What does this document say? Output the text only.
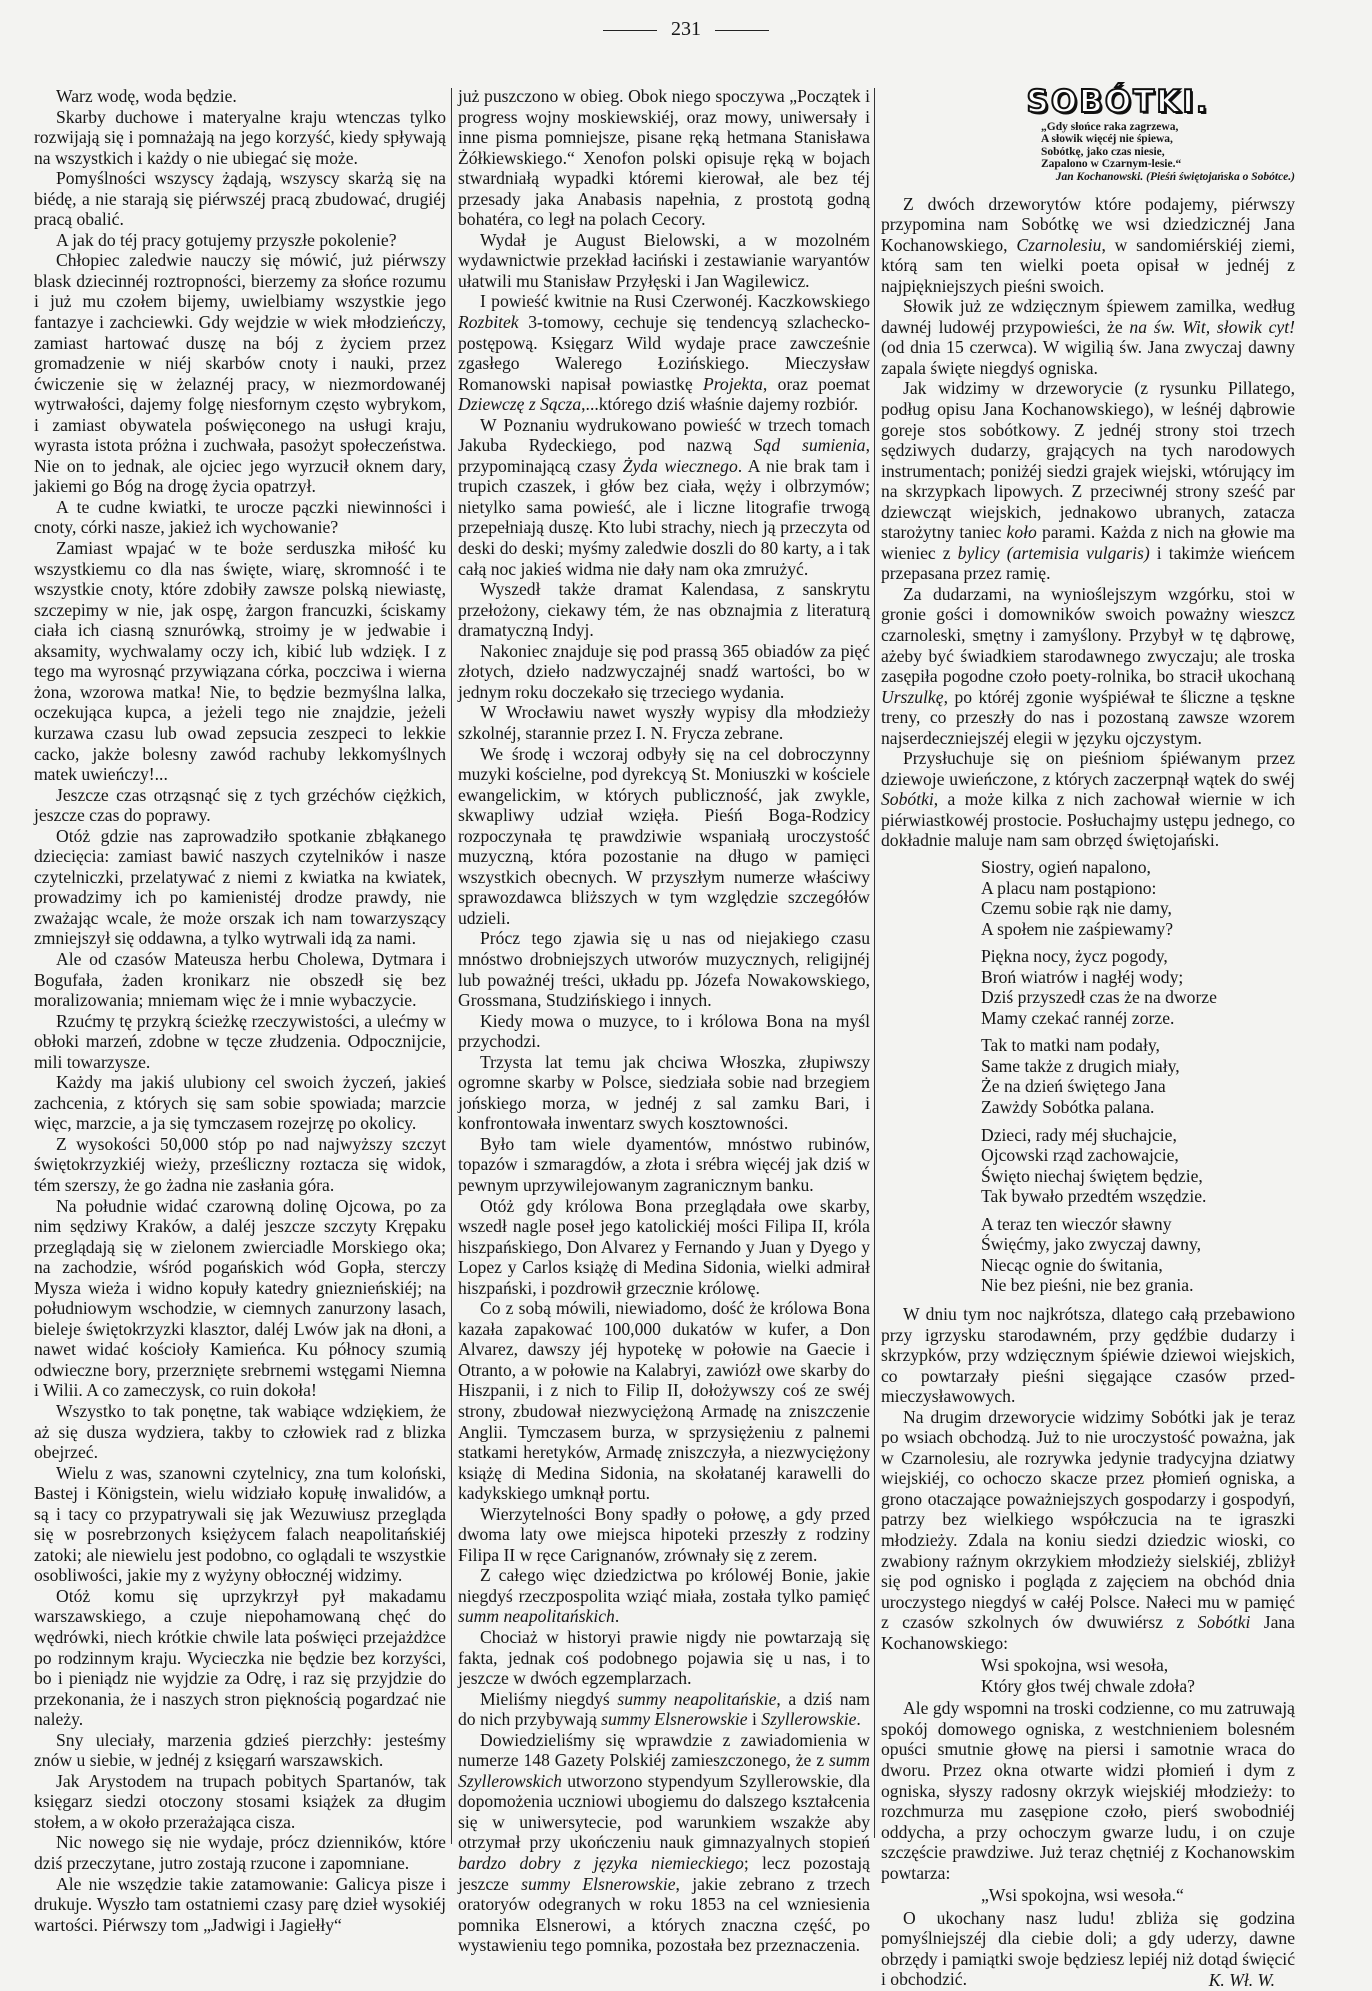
231

Warz wodę, woda będzie.

Skarby duchowe i materyalne kraju wtenczas tylko rozwijają się i pomnażają na jego korzyść, kiedy spływają na wszystkich i każdy o nie ubiegać się może.

Pomyślności wszyscy żądają, wszyscy skarżą się na biédę, a nie starają się piérwszéj pracą zbudować, drugiéj pracą obalić.

A jak do téj pracy gotujemy przyszłe pokolenie?

Chłopiec zaledwie nauczy się mówić, już piérwszy blask dziecinnéj roztropności, bierzemy za słońce rozumu i już mu czołem bijemy, uwielbiamy wszystkie jego fantazye i zachciewki. Gdy wejdzie w wiek młodzieńczy, zamiast hartować duszę na bój z życiem przez gromadzenie w niéj skarbów cnoty i nauki, przez ćwiczenie się w żelaznéj pracy, w niezmordowanéj wytrwałości, dajemy folgę niesfornym często wybrykom, i zamiast obywatela poświęconego na usługi kraju, wyrasta istota próżna i zuchwała, pasożyt społeczeństwa. Nie on to jednak, ale ojciec jego wyrzucił oknem dary, jakiemi go Bóg na drogę życia opatrzył.

A te cudne kwiatki, te urocze pączki niewinności i cnoty, córki nasze, jakież ich wychowanie?

Zamiast wpajać w te boże serduszka miłość ku wszystkiemu co dla nas święte, wiarę, skromność i te wszystkie cnoty, które zdobiły zawsze polską niewiastę, szczepimy w nie, jak ospę, żargon francuzki, ściskamy ciała ich ciasną sznurówką, stroimy je w jedwabie i aksamity, wychwalamy oczy ich, kibić lub wdzięk. I z tego ma wyrosnąć przywiązana córka, poczciwa i wierna żona, wzorowa matka! Nie, to będzie bezmyślna lalka, oczekująca kupca, a jeżeli tego nie znajdzie, jeżeli kurzawa czasu lub owad zepsucia zeszpeci to lekkie cacko, jakże bolesny zawód rachuby lekkomyślnych matek uwieńczy!...

Jeszcze czas otrząsnąć się z tych grzéchów ciężkich, jeszcze czas do poprawy.

Otóż gdzie nas zaprowadziło spotkanie zbłąkanego dziecięcia: zamiast bawić naszych czytelników i nasze czytelniczki, przelatywać z niemi z kwiatka na kwiatek, prowadzimy ich po kamienistéj drodze prawdy, nie zważając wcale, że może orszak ich nam towarzyszący zmniejszył się oddawna, a tylko wytrwali idą za nami.

Ale od czasów Mateusza herbu Cholewa, Dytmara i Bogufała, żaden kronikarz nie obszedł się bez moralizowania; mniemam więc że i mnie wybaczycie.

Rzućmy tę przykrą ścieżkę rzeczywistości, a ulećmy w obłoki marzeń, zdobne w tęcze złudzenia. Odpocznijcie, mili towarzysze.

Każdy ma jakiś ulubiony cel swoich życzeń, jakieś zachcenia, z których się sam sobie spowiada; marzcie więc, marzcie, a ja się tymczasem rozejrzę po okolicy.

Z wysokości 50,000 stóp po nad najwyższy szczyt świętokrzyzkiéj wieży, prześliczny roztacza się widok, tém szerszy, że go żadna nie zasłania góra.

Na południe widać czarowną dolinę Ojcowa, po za nim sędziwy Kraków, a daléj jeszcze szczyty Krępaku przeglądają się w zielonem zwierciadle Morskiego oka; na zachodzie, wśród pogańskich wód Gopła, sterczy Mysza wieża i widno kopuły katedry gnieznieńskiéj; na południowym wschodzie, w ciemnych zanurzony lasach, bieleje świętokrzyzki klasztor, daléj Lwów jak na dłoni, a nawet widać kościoły Kamieńca. Ku północy szumią odwieczne bory, przerznięte srebrnemi wstęgami Niemna i Wilii. A co zameczysk, co ruin dokoła!

Wszystko to tak ponętne, tak wabiące wdziękiem, że aż się dusza wydziera, takby to człowiek rad z blizka obejrzeć.

Wielu z was, szanowni czytelnicy, zna tum koloński, Bastej i Königstein, wielu widziało kopułę inwalidów, a są i tacy co przypatrywali się jak Wezuwiusz przegląda się w posrebrzonych księżycem falach neapolitańskiéj zatoki; ale niewielu jest podobno, co oglądali te wszystkie osobliwości, jakie my z wyżyny obłocznéj widzimy.

Otóż komu się uprzykrzył pył makadamu warszawskiego, a czuje niepohamowaną chęć do wędrówki, niech krótkie chwile lata poświęci przejażdżce po rodzinnym kraju. Wycieczka nie będzie bez korzyści, bo i pieniądz nie wyjdzie za Odrę, i raz się przyjdzie do przekonania, że i naszych stron pięknością pogardzać nie należy.

Sny uleciały, marzenia gdzieś pierzchły: jesteśmy znów u siebie, w jednéj z księgarń warszawskich.

Jak Arystodem na trupach pobitych Spartanów, tak księgarz siedzi otoczony stosami książek za długim stołem, a w około przerażająca cisza.

Nic nowego się nie wydaje, prócz dzienników, które dziś przeczytane, jutro zostają rzucone i zapomniane.

Ale nie wszędzie takie zatamowanie: Galicya pisze i drukuje. Wyszło tam ostatniemi czasy parę dzieł wysokiéj wartości. Piérwszy tom „Jadwigi i Jagiełły“

już puszczono w obieg. Obok niego spoczywa „Początek i progress wojny moskiewskiéj, oraz mowy, uniwersały i inne pisma pomniejsze, pisane ręką hetmana Stanisława Żółkiewskiego.“ Xenofon polski opisuje ręką w bojach stwardniałą wypadki któremi kierował, ale bez téj przesady jaka Anabasis napełnia, z prostotą godną bohatéra, co legł na polach Cecory.

Wydał je August Bielowski, a w mozolném wydawnictwie przekład łaciński i zestawianie waryantów ułatwili mu Stanisław Przyłęski i Jan Wagilewicz.

I powieść kwitnie na Rusi Czerwonéj. Kaczkowskiego Rozbitek 3-tomowy, cechuje się tendencyą szlachecko-postępową. Księgarz Wild wydaje prace zawcześnie zgasłego Walerego Łozińskiego. Mieczysław Romanowski napisał powiastkę Projekta, oraz poemat Dziewczę z Sącza,...którego dziś właśnie dajemy rozbiór.

W Poznaniu wydrukowano powieść w trzech tomach Jakuba Rydeckiego, pod nazwą Sąd sumienia, przypominającą czasy Żyda wiecznego. A nie brak tam i trupich czaszek, i głów bez ciała, węży i olbrzymów; nietylko sama powieść, ale i liczne litografie trwogą przepełniają duszę. Kto lubi strachy, niech ją przeczyta od deski do deski; myśmy zaledwie doszli do 80 karty, a i tak całą noc jakieś widma nie dały nam oka zmrużyć.

Wyszedł także dramat Kalendasa, z sanskrytu przełożony, ciekawy tém, że nas obznajmia z literaturą dramatyczną Indyj.

Nakoniec znajduje się pod prassą 365 obiadów za pięć złotych, dzieło nadzwyczajnéj snadź wartości, bo w jednym roku doczekało się trzeciego wydania.

W Wrocławiu nawet wyszły wypisy dla młodzieży szkolnéj, starannie przez I. N. Frycza zebrane.

We środę i wczoraj odbyły się na cel dobroczynny muzyki kościelne, pod dyrekcyą St. Moniuszki w kościele ewangelickim, w których publiczność, jak zwykle, skwapliwy udział wzięła. Pieśń Boga-Rodzicy rozpoczynała tę prawdziwie wspaniałą uroczystość muzyczną, która pozostanie na długo w pamięci wszystkich obecnych. W przyszłym numerze właściwy sprawozdawca bliższych w tym względzie szczegółów udzieli.

Prócz tego zjawia się u nas od niejakiego czasu mnóstwo drobniejszych utworów muzycznych, religijnéj lub poważnéj treści, układu pp. Józefa Nowakowskiego, Grossmana, Studzińskiego i innych.

Kiedy mowa o muzyce, to i królowa Bona na myśl przychodzi.

Trzysta lat temu jak chciwa Włoszka, złupiwszy ogromne skarby w Polsce, siedziała sobie nad brzegiem jońskiego morza, w jednéj z sal zamku Bari, i konfrontowała inwentarz swych kosztowności.

Było tam wiele dyamentów, mnóstwo rubinów, topazów i szmaragdów, a złota i srébra więcéj jak dziś w pewnym uprzywilejowanym zagranicznym banku.

Otóż gdy królowa Bona przeglądała owe skarby, wszedł nagle poseł jego katolickiéj mości Filipa II, króla hiszpańskiego, Don Alvarez y Fernando y Juan y Dyego y Lopez y Carlos książę di Medina Sidonia, wielki admirał hiszpański, i pozdrowił grzecznie królowę.

Co z sobą mówili, niewiadomo, dość że królowa Bona kazała zapakować 100,000 dukatów w kufer, a Don Alvarez, dawszy jéj hypotekę w połowie na Gaecie i Otranto, a w połowie na Kalabryi, zawiózł owe skarby do Hiszpanii, i z nich to Filip II, dołożywszy coś ze swéj strony, zbudował niezwyciężoną Armadę na zniszczenie Anglii. Tymczasem burza, w sprzysiężeniu z palnemi statkami heretyków, Armadę zniszczyła, a niezwyciężony książę di Medina Sidonia, na skołatanéj karawelli do kadykskiego umknął portu.

Wierzytelności Bony spadły o połowę, a gdy przed dwoma laty owe miejsca hipoteki przeszły z rodziny Filipa II w ręce Carignanów, zrównały się z zerem.

Z całego więc dziedzictwa po królowéj Bonie, jakie niegdyś rzeczpospolita wziąć miała, została tylko pamięć summ neapolitańskich.

Chociaż w historyi prawie nigdy nie powtarzają się fakta, jednak coś podobnego pojawia się u nas, i to jeszcze w dwóch egzemplarzach.

Mieliśmy niegdyś summy neapolitańskie, a dziś nam do nich przybywają summy Elsnerowskie i Szyllerowskie.

Dowiedzieliśmy się wprawdzie z zawiadomienia w numerze 148 Gazety Polskiéj zamieszczonego, że z summ Szyllerowskich utworzono stypendyum Szyllerowskie, dla dopomożenia uczniowi ubogiemu do dalszego kształcenia się w uniwersytecie, pod warunkiem wszakże aby otrzymał przy ukończeniu nauk gimnazyalnych stopień bardzo dobry z języka niemieckiego; lecz pozostają jeszcze summy Elsnerowskie, jakie zebrano z trzech oratoryów odegranych w roku 1853 na cel wzniesienia pomnika Elsnerowi, a których znaczna część, po wystawieniu tego pomnika, pozostała bez przeznaczenia.

SOBÓTKI.
„Gdy słońce raka zagrzewa,
A słowik więcéj nie śpiewa,
Sobótkę, jako czas niesie,
Zapalono w Czarnym-lesie.“
Jan Kochanowski. (Pieśń świętojańska o Sobótce.)

Z dwóch drzeworytów które podajemy, piérwszy przypomina nam Sobótkę we wsi dziedzicznéj Jana Kochanowskiego, Czarnolesiu, w sandomiérskiéj ziemi, którą sam ten wielki poeta opisał w jednéj z najpiękniejszych pieśni swoich.

Słowik już ze wdzięcznym śpiewem zamilka, według dawnéj ludowéj przypowieści, że na św. Wit, słowik cyt! (od dnia 15 czerwca). W wigilią św. Jana zwyczaj dawny zapala święte niegdyś ogniska.

Jak widzimy w drzeworycie (z rysunku Pillatego, podług opisu Jana Kochanowskiego), w leśnéj dąbrowie goreje stos sobótkowy. Z jednéj strony stoi trzech sędziwych dudarzy, grających na tych narodowych instrumentach; poniżéj siedzi grajek wiejski, wtórujący im na skrzypkach lipowych. Z przeciwnéj strony sześć par dziewcząt wiejskich, jednakowo ubranych, zatacza starożytny taniec koło parami. Każda z nich na głowie ma wieniec z bylicy (artemisia vulgaris) i takimże wieńcem przepasana przez ramię.

Za dudarzami, na wynioślejszym wzgórku, stoi w gronie gości i domowników swoich poważny wieszcz czarnoleski, smętny i zamyślony. Przybył w tę dąbrowę, ażeby być świadkiem starodawnego zwyczaju; ale troska zasępiła pogodne czoło poety-rolnika, bo stracił ukochaną Urszulkę, po któréj zgonie wyśpiéwał te śliczne a tęskne treny, co przeszły do nas i pozostaną zawsze wzorem najserdeczniejszéj elegii w języku ojczystym.

Przysłuchuje się on pieśniom śpiéwanym przez dziewoje uwieńczone, z których zaczerpnął wątek do swéj Sobótki, a może kilka z nich zachował wiernie w ich piérwiastkowéj prostocie. Posłuchajmy ustępu jednego, co dokładnie maluje nam sam obrzęd świętojański.

Siostry, ogień napalono,
A placu nam postąpiono:
Czemu sobie rąk nie damy,
A społem nie zaśpiewamy?
Piękna nocy, życz pogody,
Broń wiatrów i nagłéj wody;
Dziś przyszedł czas że na dworze
Mamy czekać rannéj zorze.
Tak to matki nam podały,
Same także z drugich miały,
Że na dzień świętego Jana
Zawżdy Sobótka palana.
Dzieci, rady méj słuchajcie,
Ojcowski rząd zachowajcie,
Święto niechaj świętem będzie,
Tak bywało przedtém wszędzie.
A teraz ten wieczór sławny
Święćmy, jako zwyczaj dawny,
Niecąc ognie do świtania,
Nie bez pieśni, nie bez grania.

W dniu tym noc najkrótsza, dlatego całą przebawiono przy igrzysku starodawném, przy gędźbie dudarzy i skrzypków, przy wdzięcznym śpiéwie dziewoi wiejskich, co powtarzały pieśni sięgające czasów przed-mieczysławowych.

Na drugim drzeworycie widzimy Sobótki jak je teraz po wsiach obchodzą. Już to nie uroczystość poważna, jak w Czarnolesiu, ale rozrywka jedynie tradycyjna dziatwy wiejskiéj, co ochoczo skacze przez płomień ogniska, a grono otaczające poważniejszych gospodarzy i gospodyń, patrzy bez wielkiego współczucia na te igraszki młodzieży. Zdala na koniu siedzi dziedzic wioski, co zwabiony raźnym okrzykiem młodzieży sielskiéj, zbliżył się pod ognisko i pogląda z zajęciem na obchód dnia uroczystego niegdyś w całéj Polsce. Nałeci mu w pamięć z czasów szkolnych ów dwuwiérsz z Sobótki Jana Kochanowskiego:

Wsi spokojna, wsi wesoła,
Który głos twéj chwale zdoła?

Ale gdy wspomni na troski codzienne, co mu zatruwają spokój domowego ogniska, z westchnieniem bolesném opuści smutnie głowę na piersi i samotnie wraca do dworu. Przez okna otwarte widzi płomień i dym z ogniska, słyszy radosny okrzyk wiejskiéj młodzieży: to rozchmurza mu zasępione czoło, pierś swobodniéj oddycha, a przy ochoczym gwarze ludu, i on czuje szczęście prawdziwe. Już teraz chętniéj z Kochanowskim powtarza:

„Wsi spokojna, wsi wesoła.“

O ukochany nasz ludu! zbliża się godzina pomyślniejszéj dla ciebie doli; a gdy uderzy, dawne obrzędy i pamiątki swoje będziesz lepiéj niż dotąd święcić i obchodzić.	K. Wł. W.
